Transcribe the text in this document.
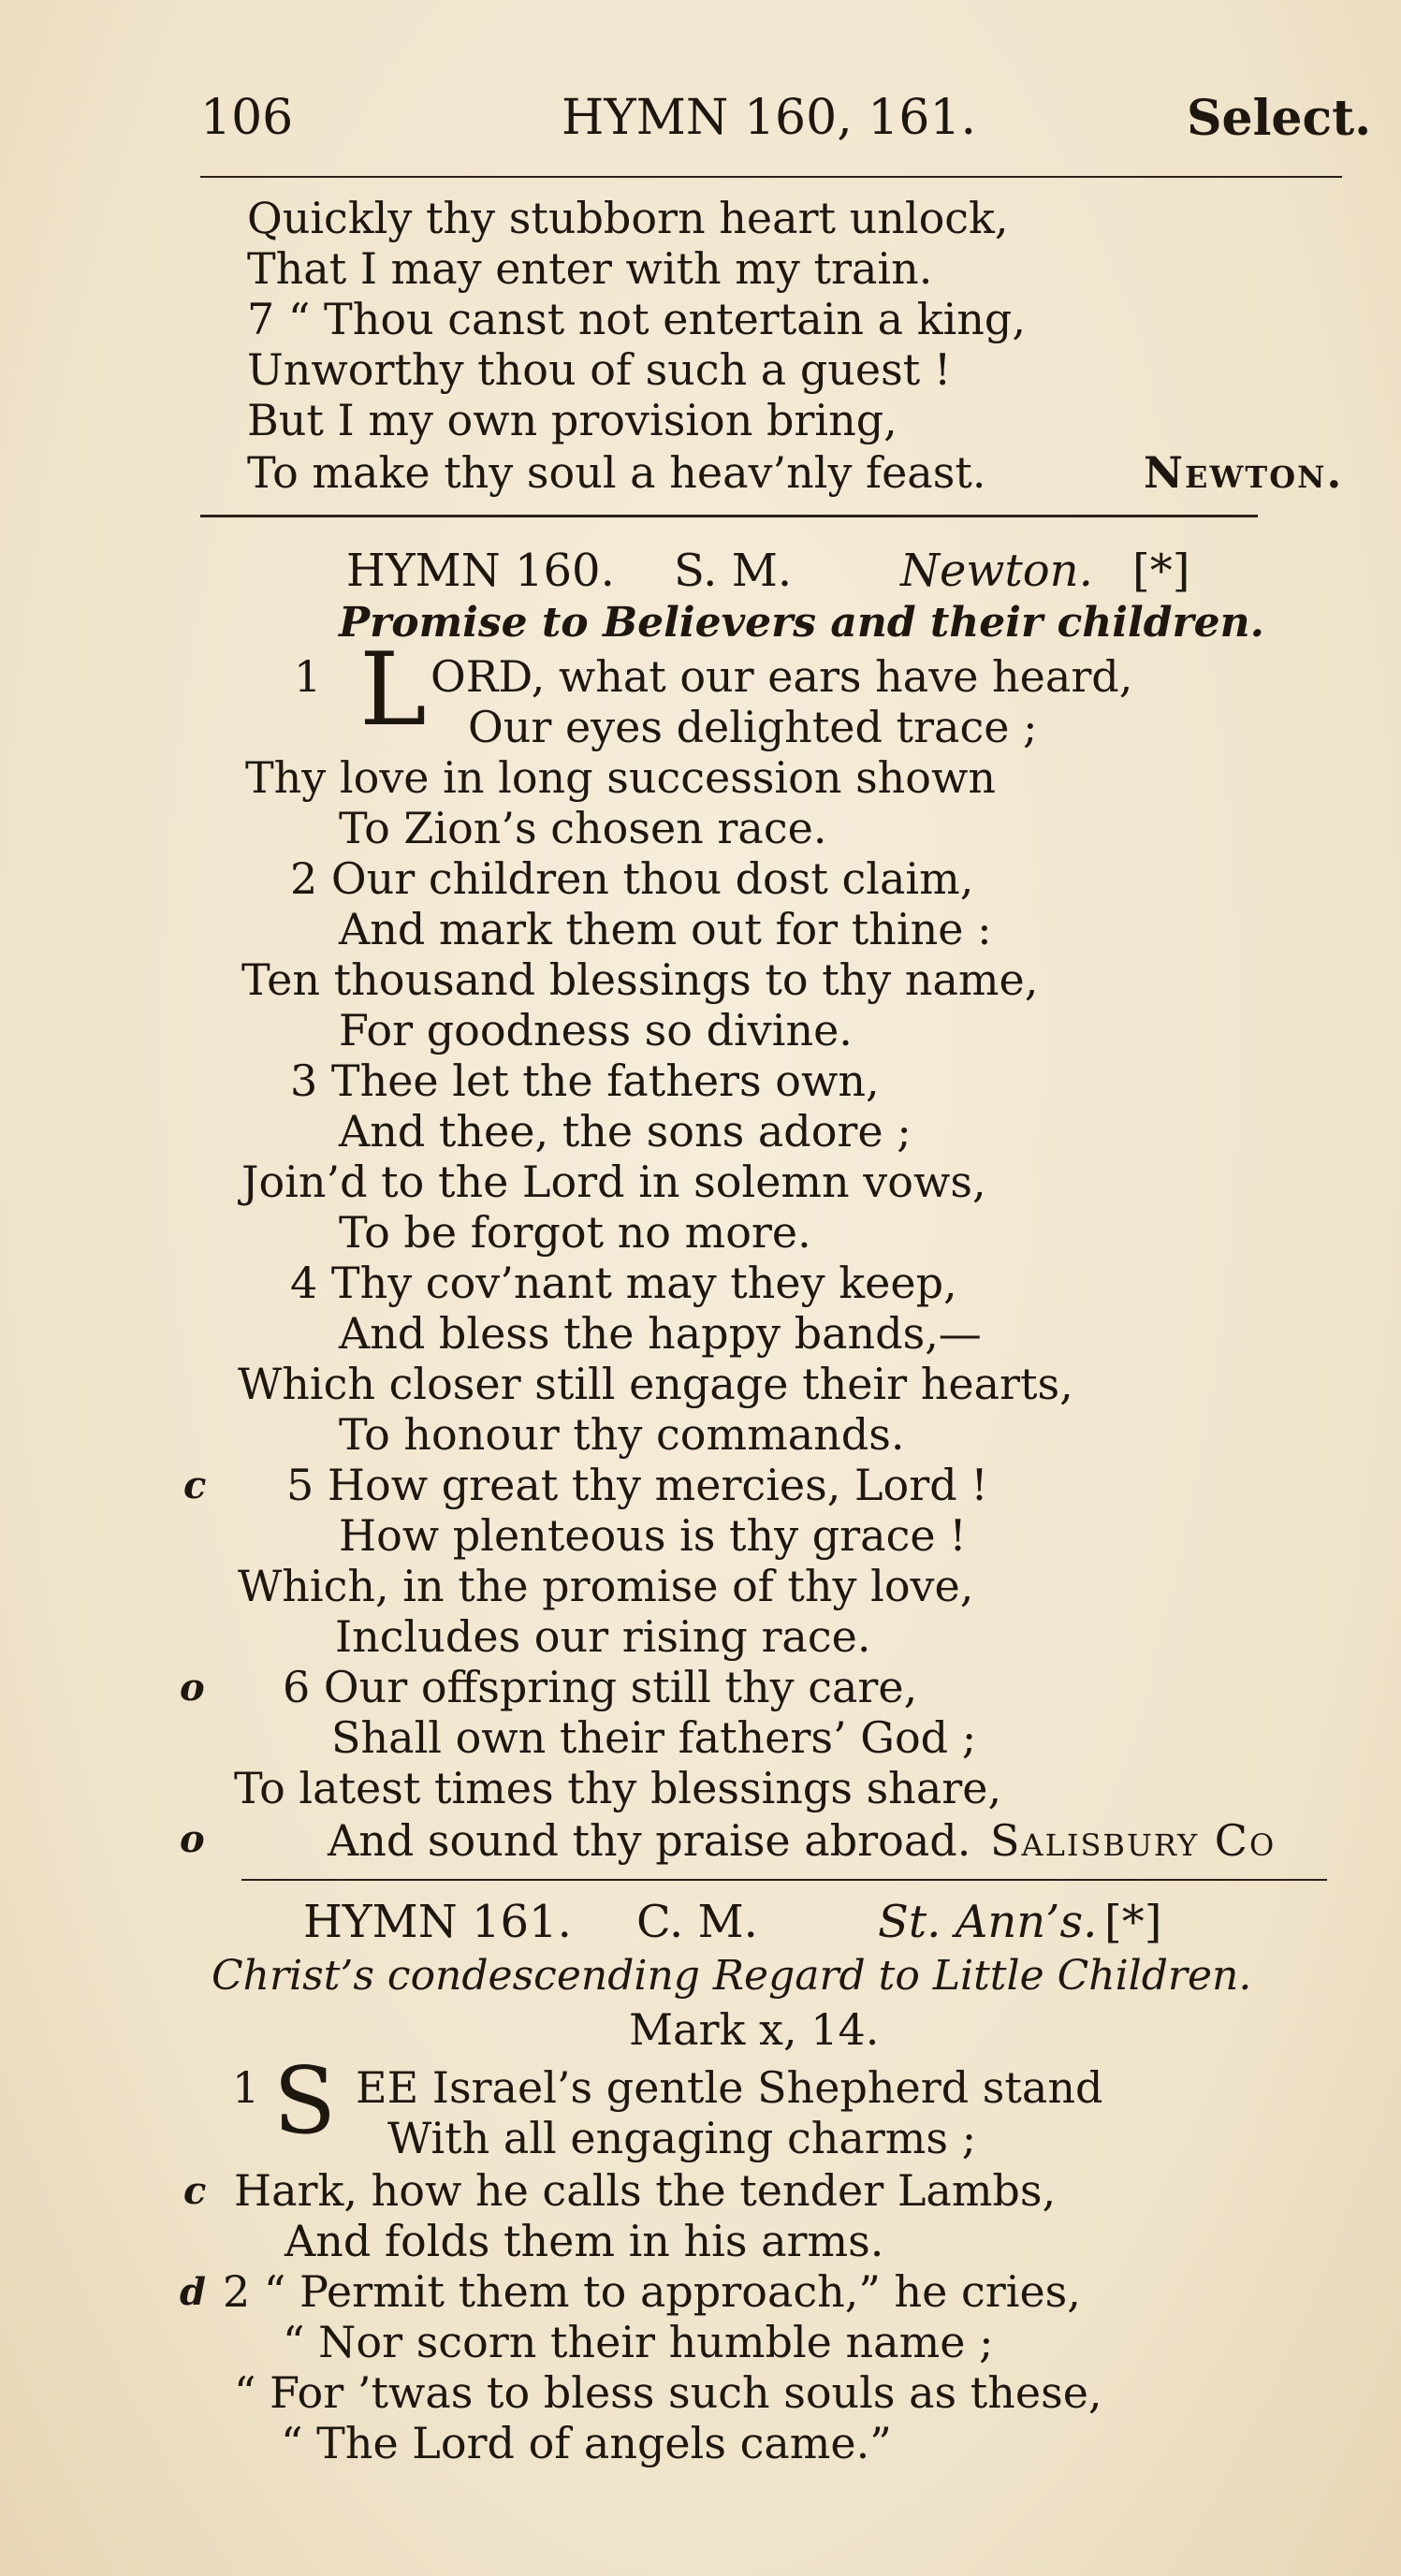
106	HYMN 160, 161.	Select.
Quickly thy stubborn heart unlock,
That I may enter with my train.
7 “ Thou canst not entertain a king,
Unworthy thou of such a guest !
But I my own provision bring,
To make thy soul a heav’nly feast.	Newton.
HYMN 160. S. M. Newton. [*]
Promise to Believers and their children.
1 L ORD, what our ears have heard,
Our eyes delighted trace ;
Thy love in long succession shown
To Zion’s chosen race.
2 Our children thou dost claim,
And mark them out for thine :
Ten thousand blessings to thy name,
For goodness so divine.
3 Thee let the fathers own,
And thee, the sons adore ;
Join’d to the Lord in solemn vows,
To be forgot no more.
4 Thy cov’nant may they keep,
And bless the happy bands,—
Which closer still engage their hearts,
To honour thy commands.
c 5 How great thy mercies, Lord !
How plenteous is thy grace !
Which, in the promise of thy love,
Includes our rising race.
o 6 Our offspring still thy care,
Shall own their fathers’ God ;
To latest times thy blessings share,
o	And sound thy praise abroad. Salisbury Co
HYMN 161. C. M.	St. Ann’s. [*]
Christ’s condescending Regard to Little Children.
Mark x, 14.
1 S EE Israel’s gentle Shepherd stand
With all engaging charms ;
c Hark, how he calls the tender Lambs,
And folds them in his arms.
d 2 “ Permit them to approach,” he cries,
“ Nor scorn their humble name ;
“ For ’twas to bless such souls as these,
“ The Lord of angels came.”
